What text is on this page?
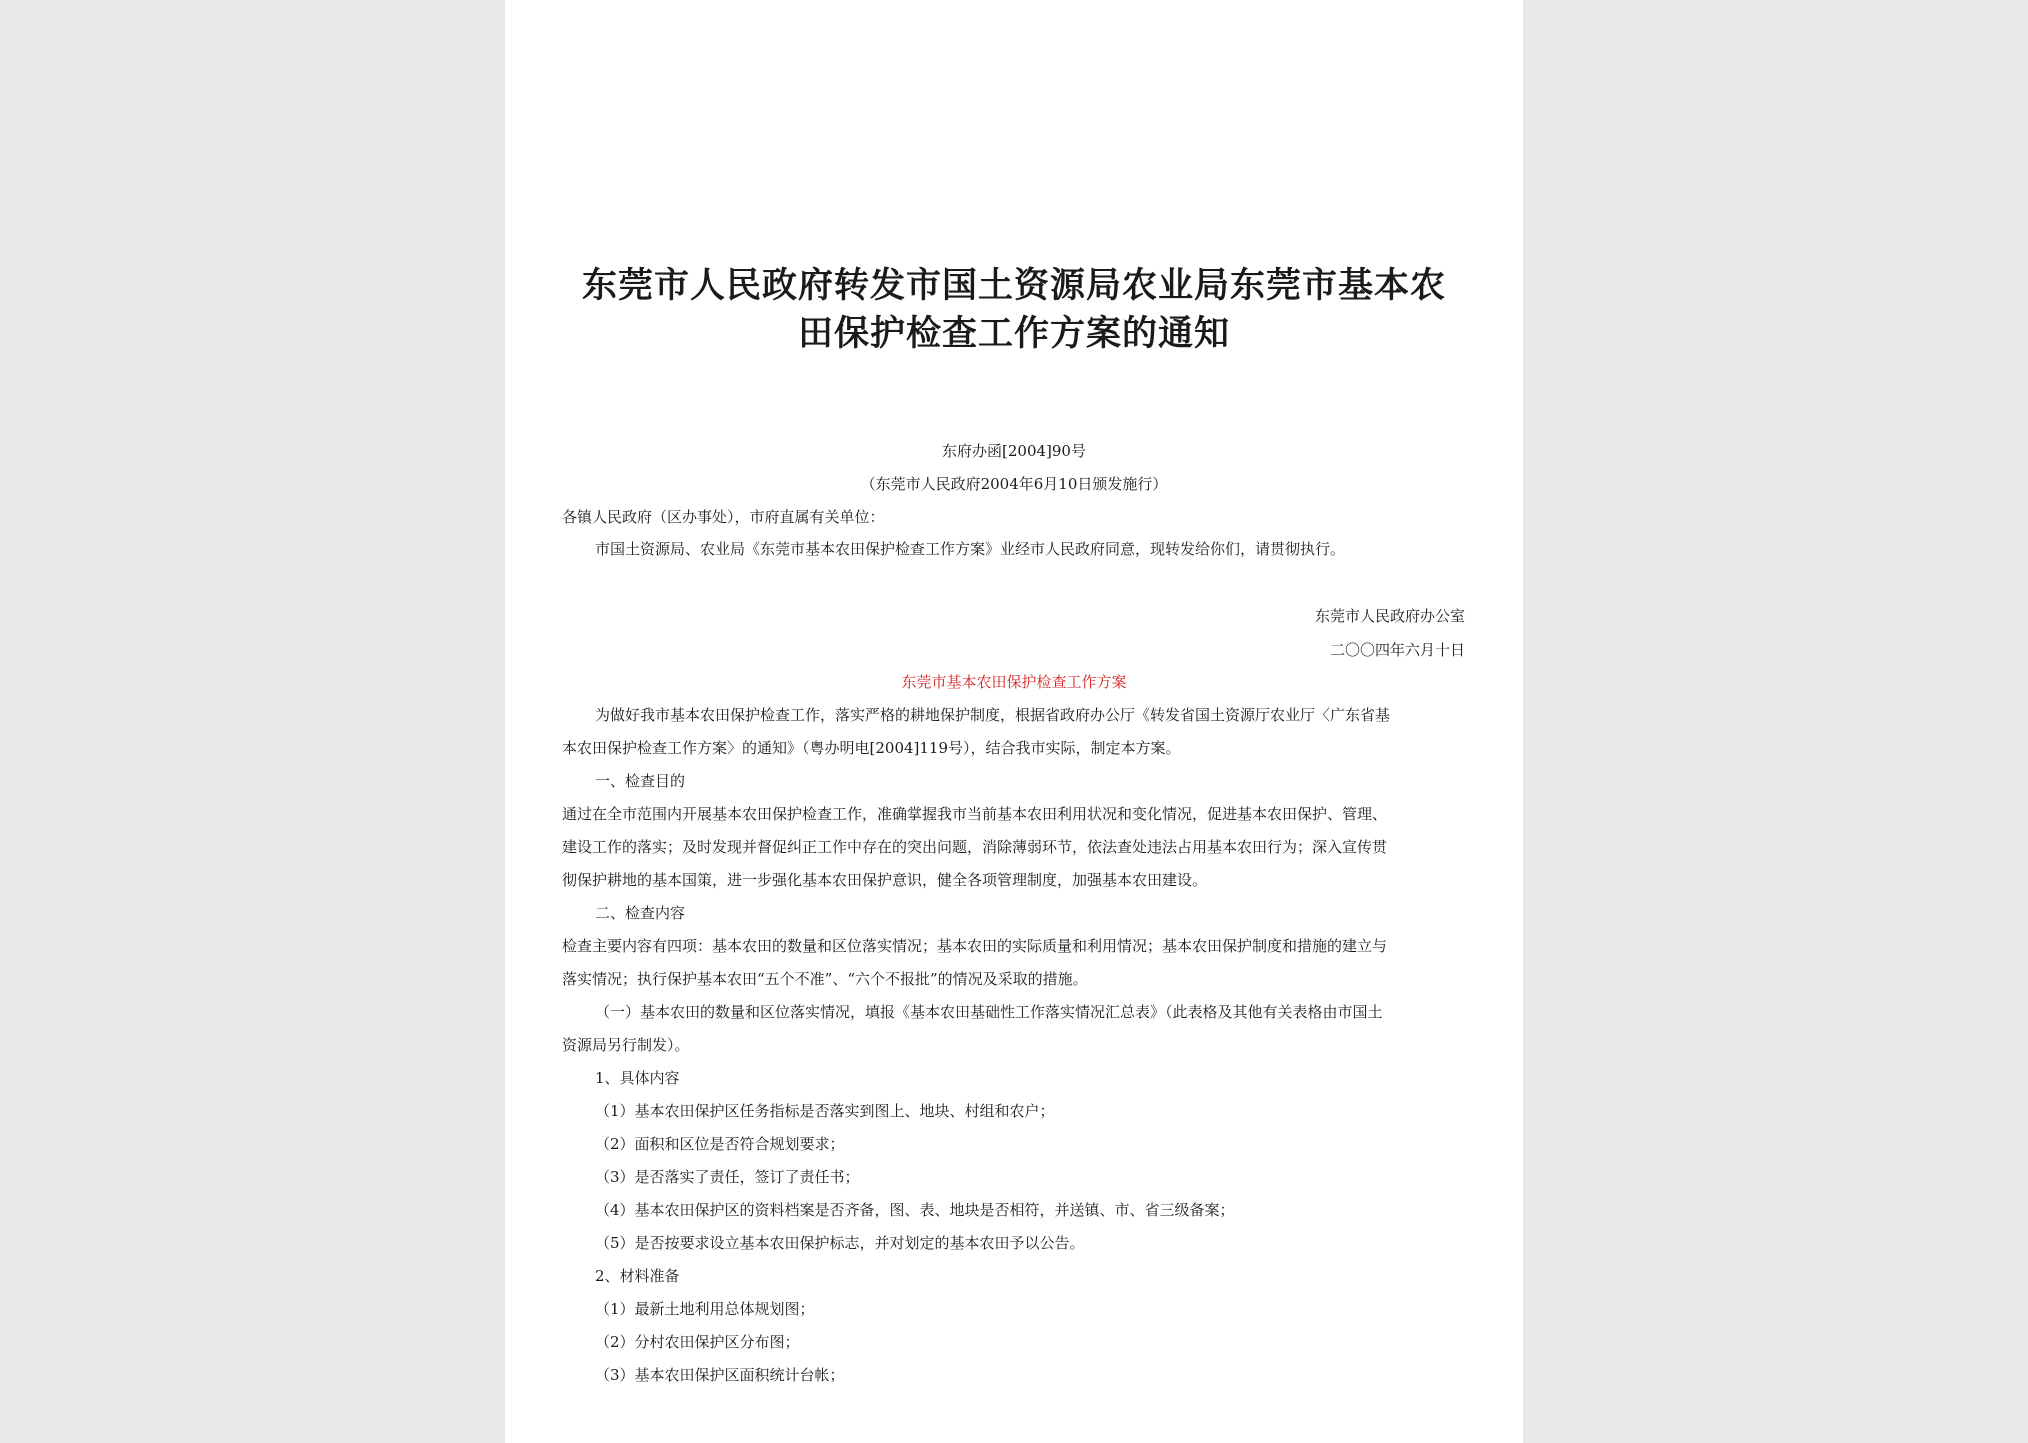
东莞市人民政府转发市国土资源局农业局东莞市基本农
田保护检查工作方案的通知
东府办函[2004]90号
（东莞市人民政府2004年6月10日颁发施行）
各镇人民政府（区办事处），市府直属有关单位：
市国土资源局、农业局《东莞市基本农田保护检查工作方案》业经市人民政府同意，现转发给你们，请贯彻执行。
东莞市人民政府办公室
二〇〇四年六月十日
东莞市基本农田保护检查工作方案
为做好我市基本农田保护检查工作，落实严格的耕地保护制度，根据省政府办公厅《转发省国土资源厅农业厅〈广东省基
本农田保护检查工作方案〉的通知》（粤办明电[2004]119号），结合我市实际，制定本方案。
一、检查目的
通过在全市范围内开展基本农田保护检查工作，准确掌握我市当前基本农田利用状况和变化情况，促进基本农田保护、管理、
建设工作的落实；及时发现并督促纠正工作中存在的突出问题，消除薄弱环节，依法查处违法占用基本农田行为；深入宣传贯
彻保护耕地的基本国策，进一步强化基本农田保护意识，健全各项管理制度，加强基本农田建设。
二、检查内容
检查主要内容有四项：基本农田的数量和区位落实情况；基本农田的实际质量和利用情况；基本农田保护制度和措施的建立与
落实情况；执行保护基本农田“五个不准”、“六个不报批”的情况及采取的措施。
（一）基本农田的数量和区位落实情况，填报《基本农田基础性工作落实情况汇总表》（此表格及其他有关表格由市国土
资源局另行制发）。
1、具体内容
（1）基本农田保护区任务指标是否落实到图上、地块、村组和农户；
（2）面积和区位是否符合规划要求；
（3）是否落实了责任，签订了责任书；
（4）基本农田保护区的资料档案是否齐备，图、表、地块是否相符，并送镇、市、省三级备案；
（5）是否按要求设立基本农田保护标志，并对划定的基本农田予以公告。
2、材料准备
（1）最新土地利用总体规划图；
（2）分村农田保护区分布图；
（3）基本农田保护区面积统计台帐；
